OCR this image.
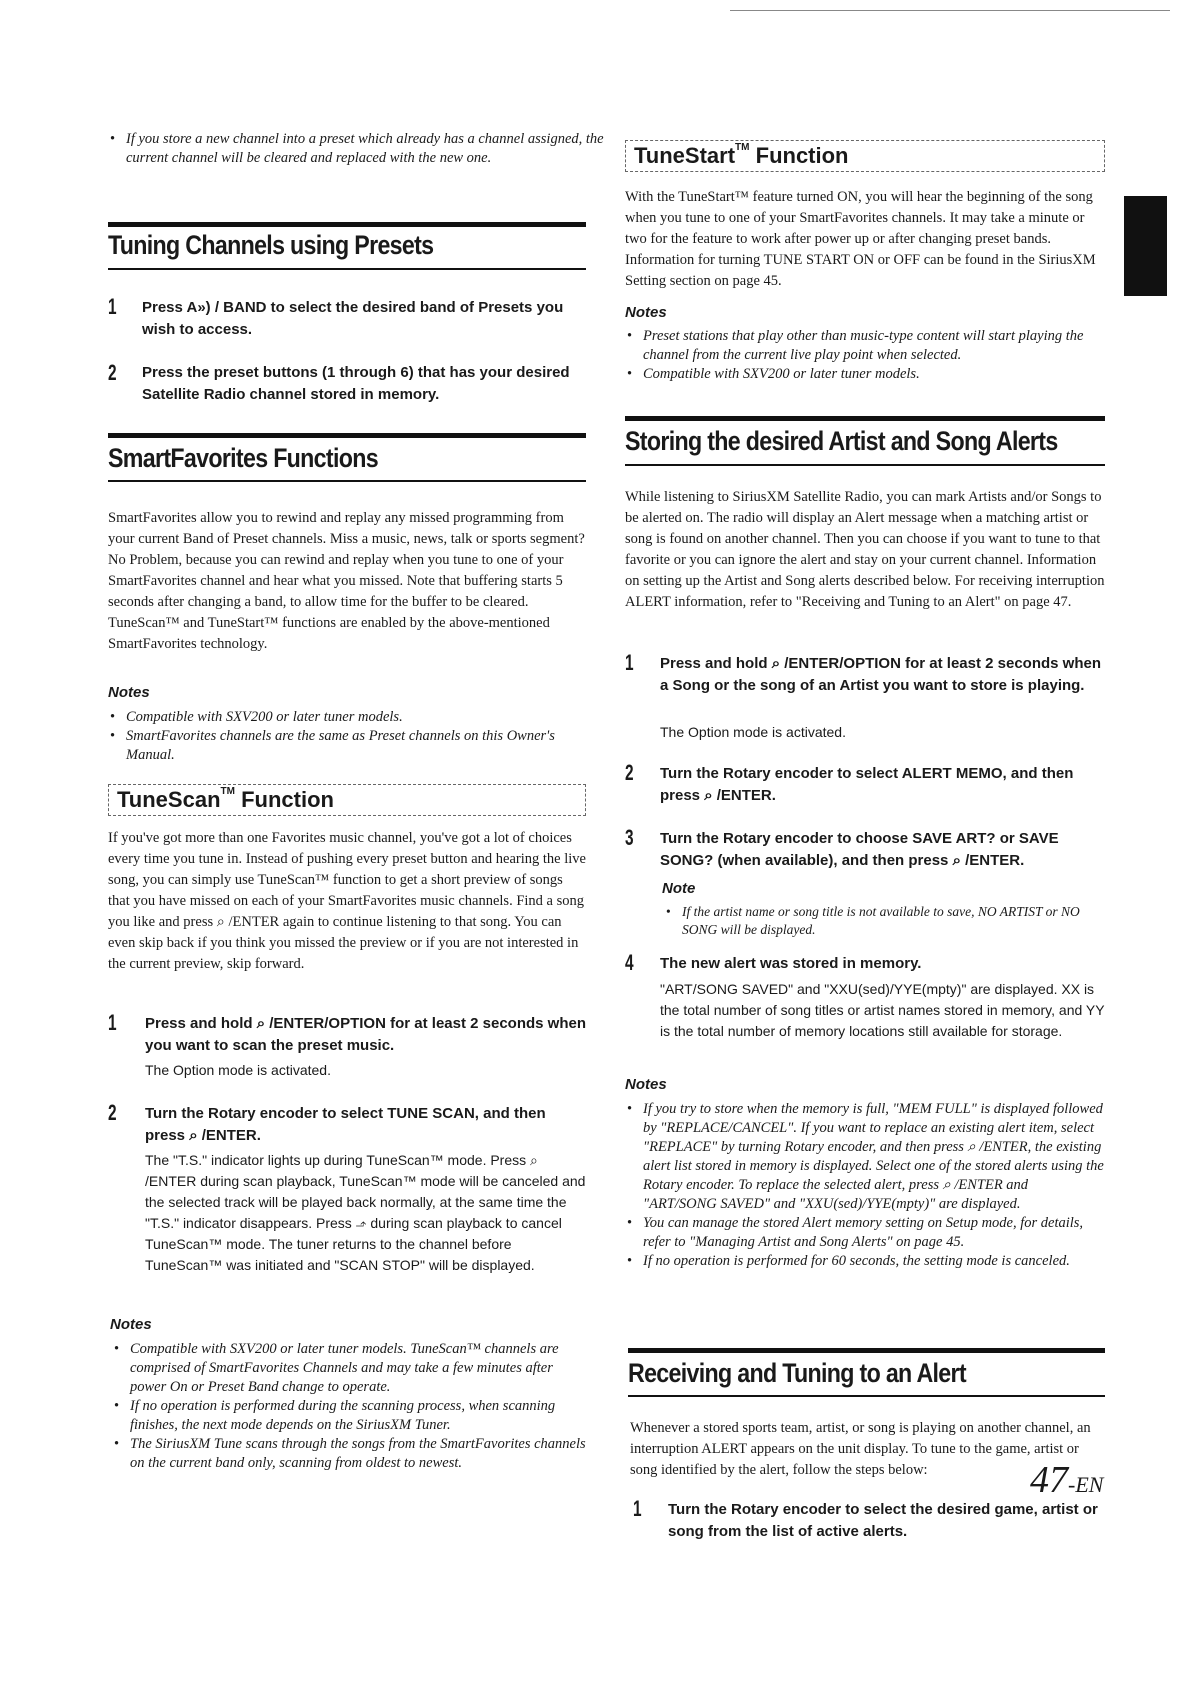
• If you store a new channel into a preset which already has a channel assigned, the current channel will be cleared and replaced with the new one.
Tuning Channels using Presets
1 Press A») / BAND to select the desired band of Presets you wish to access.
2 Press the preset buttons (1 through 6) that has your desired Satellite Radio channel stored in memory.
SmartFavorites Functions
SmartFavorites allow you to rewind and replay any missed programming from your current Band of Preset channels. Miss a music, news, talk or sports segment? No Problem, because you can rewind and replay when you tune to one of your SmartFavorites channel and hear what you missed. Note that buffering starts 5 seconds after changing a band, to allow time for the buffer to be cleared. TuneScan™ and TuneStart™ functions are enabled by the above-mentioned SmartFavorites technology.
Notes
• Compatible with SXV200 or later tuner models.
• SmartFavorites channels are the same as Preset channels on this Owner's Manual.
TuneScan™ Function
If you've got more than one Favorites music channel, you've got a lot of choices every time you tune in. Instead of pushing every preset button and hearing the live song, you can simply use TuneScan™ function to get a short preview of songs that you have missed on each of your SmartFavorites music channels. Find a song you like and press ⌕ /ENTER again to continue listening to that song. You can even skip back if you think you missed the preview or if you are not interested in the current preview, skip forward.
1 Press and hold ⌕ /ENTER/OPTION for at least 2 seconds when you want to scan the preset music.
The Option mode is activated.
2 Turn the Rotary encoder to select TUNE SCAN, and then press ⌕ /ENTER.
The "T.S." indicator lights up during TuneScan™ mode. Press ⌕ /ENTER during scan playback, TuneScan™ mode will be canceled and the selected track will be played back normally, at the same time the "T.S." indicator disappears. Press ⬏ during scan playback to cancel TuneScan™ mode. The tuner returns to the channel before TuneScan™ was initiated and "SCAN STOP" will be displayed.
Notes
• Compatible with SXV200 or later tuner models. TuneScan™ channels are comprised of SmartFavorites Channels and may take a few minutes after power On or Preset Band change to operate.
• If no operation is performed during the scanning process, when scanning finishes, the next mode depends on the SiriusXM Tuner.
• The SiriusXM Tune scans through the songs from the SmartFavorites channels on the current band only, scanning from oldest to newest.
TuneStart™ Function
With the TuneStart™ feature turned ON, you will hear the beginning of the song when you tune to one of your SmartFavorites channels. It may take a minute or two for the feature to work after power up or after changing preset bands. Information for turning TUNE START ON or OFF can be found in the SiriusXM Setting section on page 45.
Notes
• Preset stations that play other than music-type content will start playing the channel from the current live play point when selected.
• Compatible with SXV200 or later tuner models.
Storing the desired Artist and Song Alerts
While listening to SiriusXM Satellite Radio, you can mark Artists and/or Songs to be alerted on. The radio will display an Alert message when a matching artist or song is found on another channel. Then you can choose if you want to tune to that favorite or you can ignore the alert and stay on your current channel. Information on setting up the Artist and Song alerts described below. For receiving interruption ALERT information, refer to "Receiving and Tuning to an Alert" on page 47.
1 Press and hold ⌕ /ENTER/OPTION for at least 2 seconds when a Song or the song of an Artist you want to store is playing.
The Option mode is activated.
2 Turn the Rotary encoder to select ALERT MEMO, and then press ⌕ /ENTER.
3 Turn the Rotary encoder to choose SAVE ART? or SAVE SONG? (when available), and then press ⌕ /ENTER.
Note
• If the artist name or song title is not available to save, NO ARTIST or NO SONG will be displayed.
4 The new alert was stored in memory.
"ART/SONG SAVED" and "XXU(sed)/YYE(mpty)" are displayed. XX is the total number of song titles or artist names stored in memory, and YY is the total number of memory locations still available for storage.
Notes
• If you try to store when the memory is full, "MEM FULL" is displayed followed by "REPLACE/CANCEL". If you want to replace an existing alert item, select "REPLACE" by turning Rotary encoder, and then press ⌕ /ENTER, the existing alert list stored in memory is displayed. Select one of the stored alerts using the Rotary encoder. To replace the selected alert, press ⌕ /ENTER and "ART/SONG SAVED" and "XXU(sed)/YYE(mpty)" are displayed.
• You can manage the stored Alert memory setting on Setup mode, for details, refer to "Managing Artist and Song Alerts" on page 45.
• If no operation is performed for 60 seconds, the setting mode is canceled.
Receiving and Tuning to an Alert
Whenever a stored sports team, artist, or song is playing on another channel, an interruption ALERT appears on the unit display. To tune to the game, artist or song identified by the alert, follow the steps below:
1 Turn the Rotary encoder to select the desired game, artist or song from the list of active alerts.
47-EN
